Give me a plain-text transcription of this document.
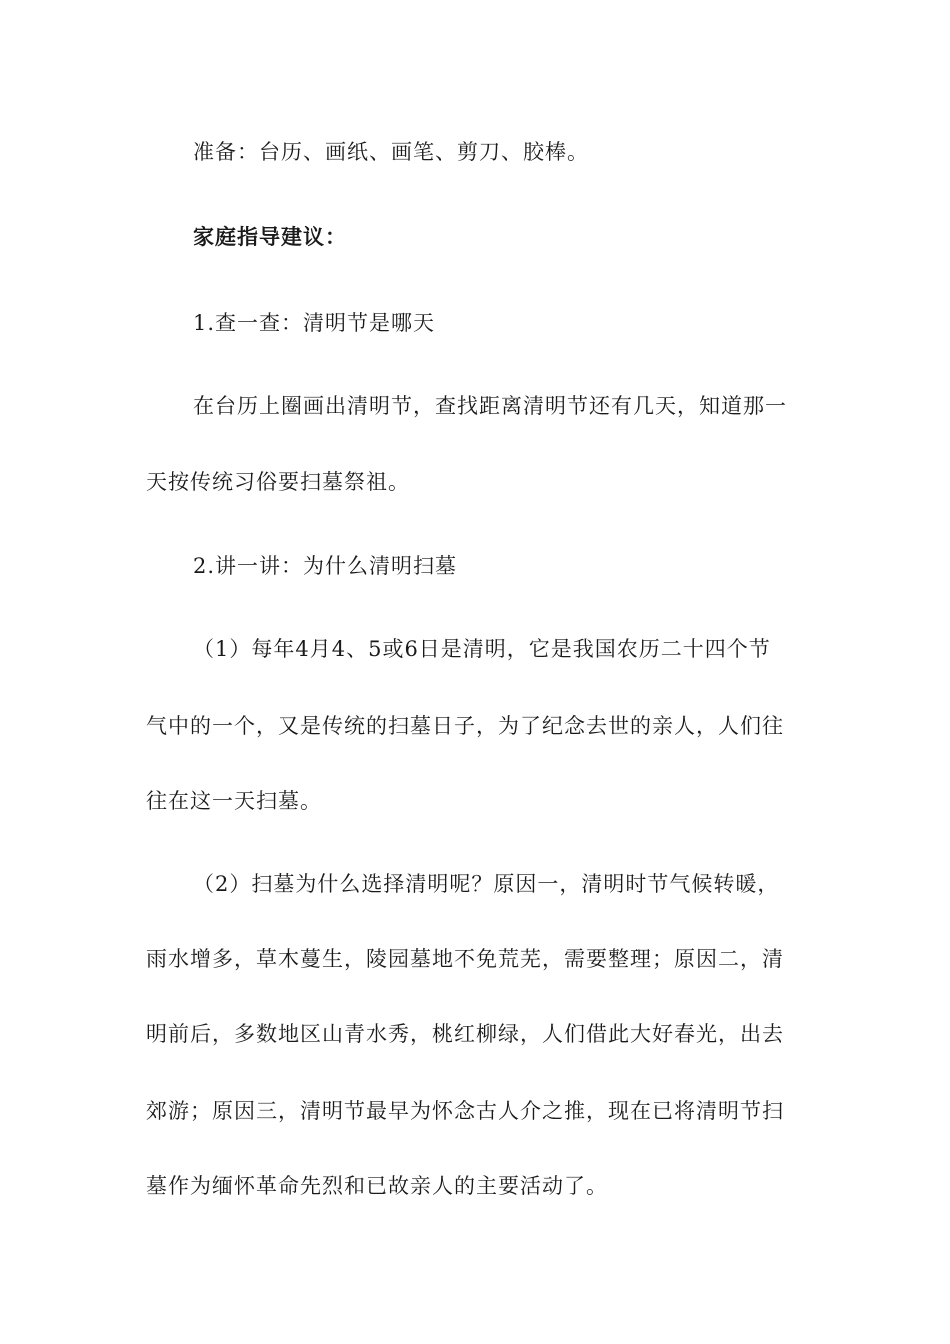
准备：台历、画纸、画笔、剪刀、胶棒。
家庭指导建议：
1.查一查：清明节是哪天
在台历上圈画出清明节，查找距离清明节还有几天，知道那一
天按传统习俗要扫墓祭祖。
2.讲一讲：为什么清明扫墓
（1）每年4月4、5或6日是清明，它是我国农历二十四个节
气中的一个，又是传统的扫墓日子，为了纪念去世的亲人，人们往
往在这一天扫墓。
（2）扫墓为什么选择清明呢？原因一，清明时节气候转暖，
雨水增多，草木蔓生，陵园墓地不免荒芜，需要整理；原因二，清
明前后，多数地区山青水秀，桃红柳绿，人们借此大好春光，出去
郊游；原因三，清明节最早为怀念古人介之推，现在已将清明节扫
墓作为缅怀革命先烈和已故亲人的主要活动了。
